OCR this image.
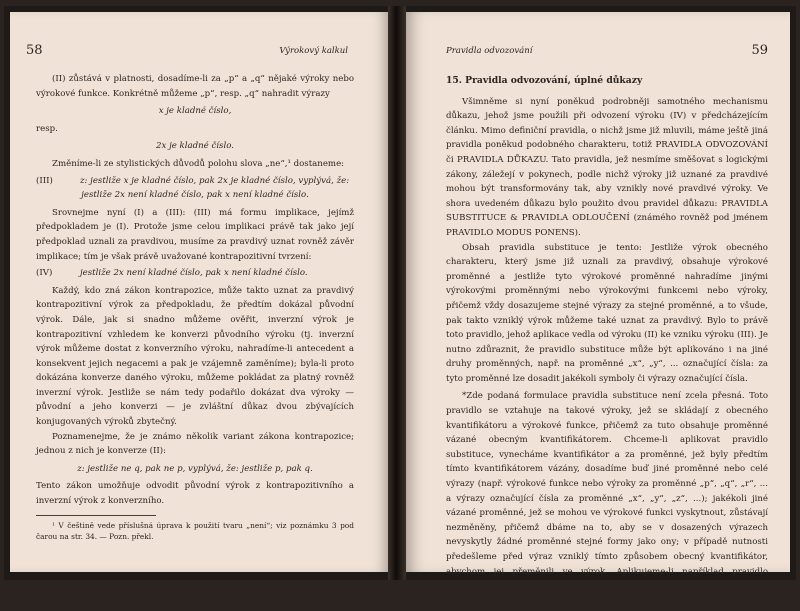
58	Výrokový kalkul

(II) zůstává v platnosti, dosadíme-li za „p“ a „q“ nějaké výroky nebo výrokové funkce. Konkrétně můžeme „p“, resp. „q“ nahradit výrazy

x je kladné číslo,

resp.

2x je kladné číslo.

Změníme-li ze stylistických důvodů polohu slova „ne“,¹ dostaneme:

(III)	z: jestliže x je kladné číslo, pak 2x je kladné číslo, vyplývá, že:

jestliže 2x není kladné číslo, pak x není kladné číslo.

Srovnejme nyní (I) a (III): (III) má formu implikace, jejímž předpokladem je (I). Protože jsme celou implikaci právě tak jako její předpoklad uznali za pravdivou, musíme za pravdivý uznat rovněž závěr implikace; tím je však právě uvažované kontrapozitivní tvrzení:

(IV)	jestliže 2x není kladné číslo, pak x není kladné číslo.

Každý, kdo zná zákon kontrapozice, může takto uznat za pravdivý kontrapozitivní výrok za předpokladu, že předtím dokázal původní výrok. Dále, jak si snadno můžeme ověřit, inverzní výrok je kontrapozitivní vzhledem ke konverzi původního výroku (tj. inverzní výrok můžeme dostat z konverzního výroku, nahradíme-li antecedent a konsekvent jejich negacemi a pak je vzájemně zaměníme); byla-li proto dokázána konverze daného výroku, můžeme pokládat za platný rovněž inverzní výrok. Jestliže se nám tedy podařilo dokázat dva výroky — původní a jeho konverzi — je zvláštní důkaz dvou zbývajících konjugovaných výroků zbytečný.

Poznamenejme, že je známo několik variant zákona kontrapozice; jednou z nich je konverze (II):

z: jestliže ne q, pak ne p, vyplývá, že: jestliže p, pak q.

Tento zákon umožňuje odvodit původní výrok z kontrapozitivního a inverzní výrok z konverzního.

¹ V češtině vede příslušná úprava k použití tvaru „není“; viz poznámku 3 pod čarou na str. 34. — Pozn. překl.

Pravidla odvozování	59
15. Pravidla odvozování, úplné důkazy

Všimněme si nyní poněkud podrobněji samotného mechanismu důkazu, jehož jsme použili při odvození výroku (IV) v předcházejícím článku. Mimo definiční pravidla, o nichž jsme již mluvili, máme ještě jiná pravidla poněkud podobného charakteru, totiž PRAVIDLA ODVOZOVÁNÍ či PRAVIDLA DŮKAZU. Tato pravidla, jež nesmíme směšovat s logickými zákony, záležejí v pokynech, podle nichž výroky již uznané za pravdivé mohou být transformovány tak, aby vznikly nové pravdivé výroky. Ve shora uvedeném důkazu bylo použito dvou pravidel důkazu: PRAVIDLA SUBSTITUCE & PRAVIDLA ODLOUČENÍ (známého rovněž pod jménem PRAVIDLO MODUS PONENS).

Obsah pravidla substituce je tento: Jestliže výrok obecného charakteru, který jsme již uznali za pravdivý, obsahuje výrokové proměnné a jestliže tyto výrokové proměnné nahradíme jinými výrokovými proměnnými nebo výrokovými funkcemi nebo výroky, přičemž vždy dosazujeme stejné výrazy za stejné proměnné, a to všude, pak takto vzniklý výrok můžeme také uznat za pravdivý. Bylo to právě toto pravidlo, jehož aplikace vedla od výroku (II) ke vzniku výroku (III). Je nutno zdůraznit, že pravidlo substituce může být aplikováno i na jiné druhy proměnných, např. na proměnné „x“, „y“, ... označující čísla: za tyto proměnné lze dosadit jakékoli symboly či výrazy označující čísla.

*Zde podaná formulace pravidla substituce není zcela přesná. Toto pravidlo se vztahuje na takové výroky, jež se skládají z obecného kvantifikátoru a výrokové funkce, přičemž za tuto obsahuje proměnné vázané obecným kvantifikátorem. Chceme-li aplikovat pravidlo substituce, vynecháme kvantifikátor a za proměnné, jež byly předtím tímto kvantifikátorem vázány, dosadíme buď jiné proměnné nebo celé výrazy (např. výrokové funkce nebo výroky za proměnné „p“, „q“, „r“, ... a výrazy označující čísla za proměnné „x“, „y“, „z“, ...); jakékoli jiné vázané proměnné, jež se mohou ve výrokové funkci vyskytnout, zůstávají nezměněny, přičemž dbáme na to, aby se v dosazených výrazech nevyskytly žádné proměnné stejné formy jako ony; v případě nutnosti předešleme před výraz vzniklý tímto způsobem obecný kvantifikátor, abychom jej přeměnili ve výrok. Aplikujeme-li například pravidlo substituce na výrok

ke každému číslu x existuje číslo y takové, že x + y = 5,
